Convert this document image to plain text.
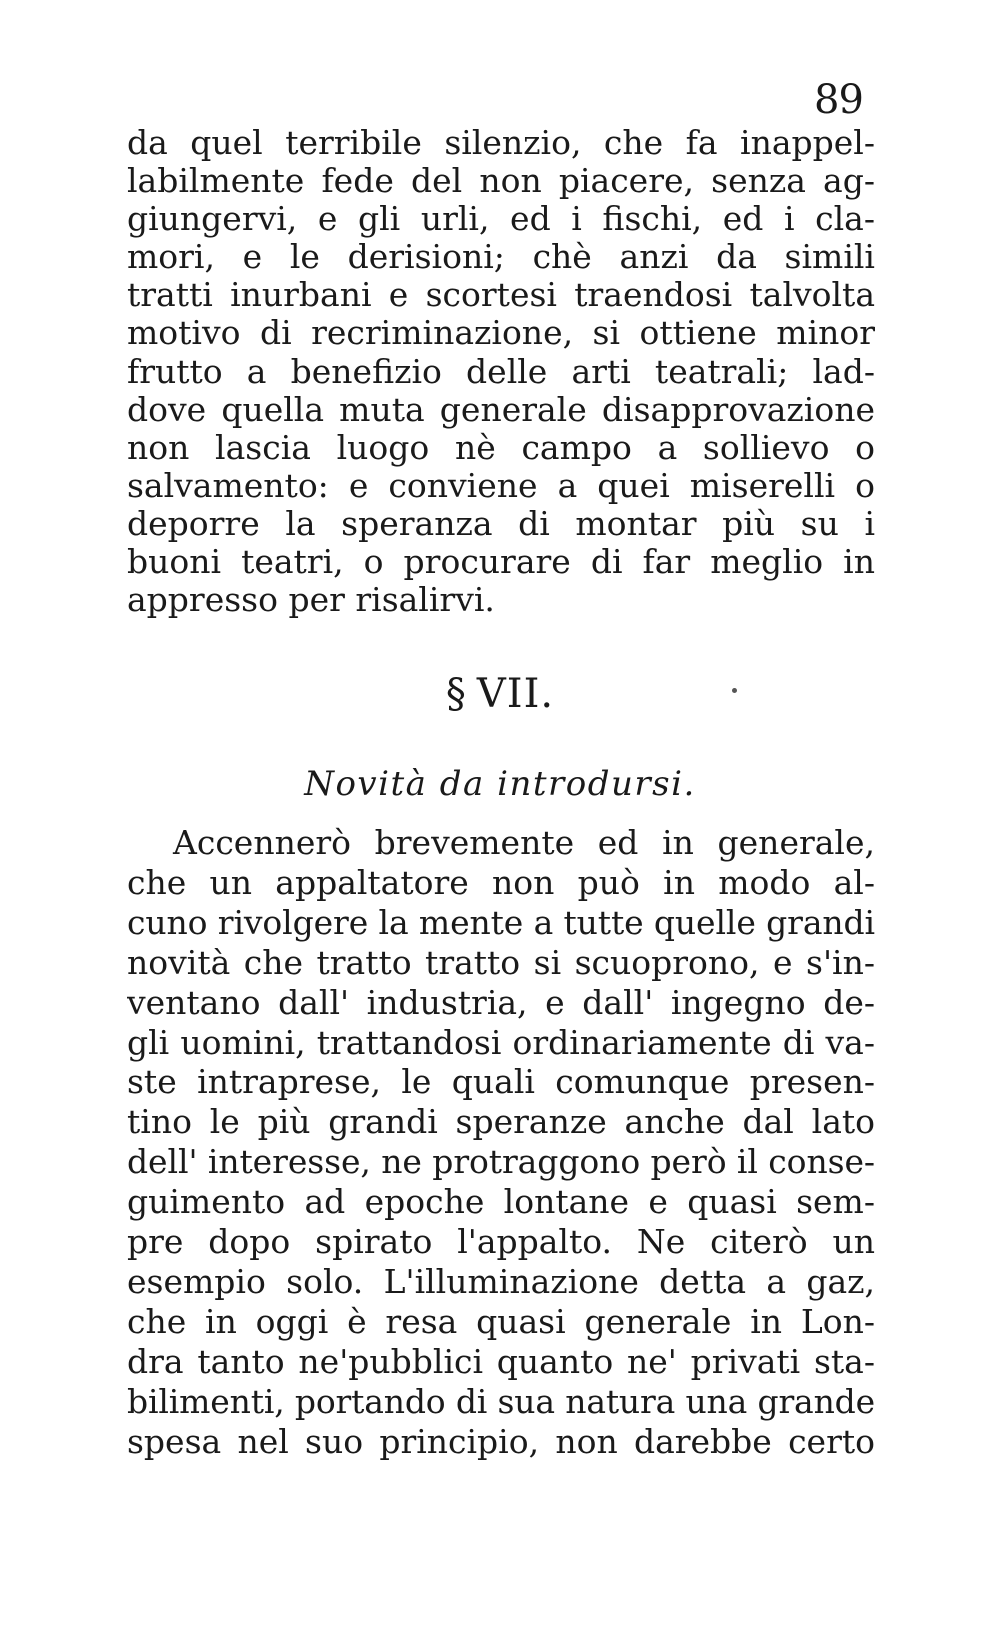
89
da quel terribile silenzio, che fa inappel-
labilmente fede del non piacere, senza ag-
giungervi, e gli urli, ed i fischi, ed i cla-
mori, e le derisioni; chè anzi da simili
tratti inurbani e scortesi traendosi talvolta
motivo di recriminazione, si ottiene minor
frutto a benefizio delle arti teatrali; lad-
dove quella muta generale disapprovazione
non lascia luogo nè campo a sollievo o
salvamento: e conviene a quei miserelli o
deporre la speranza di montar più su i
buoni teatri, o procurare di far meglio in
appresso per risalirvi.
§ VII.
Novità da introdursi.
Accennerò brevemente ed in generale,
che un appaltatore non può in modo al-
cuno rivolgere la mente a tutte quelle grandi
novità che tratto tratto si scuoprono, e s'in-
ventano dall' industria, e dall' ingegno de-
gli uomini, trattandosi ordinariamente di va-
ste intraprese, le quali comunque presen-
tino le più grandi speranze anche dal lato
dell' interesse, ne protraggono però il conse-
guimento ad epoche lontane e quasi sem-
pre dopo spirato l'appalto. Ne citerò un
esempio solo. L'illuminazione detta a gaz,
che in oggi è resa quasi generale in Lon-
dra tanto ne'pubblici quanto ne' privati sta-
bilimenti, portando di sua natura una grande
spesa nel suo principio, non darebbe certo
